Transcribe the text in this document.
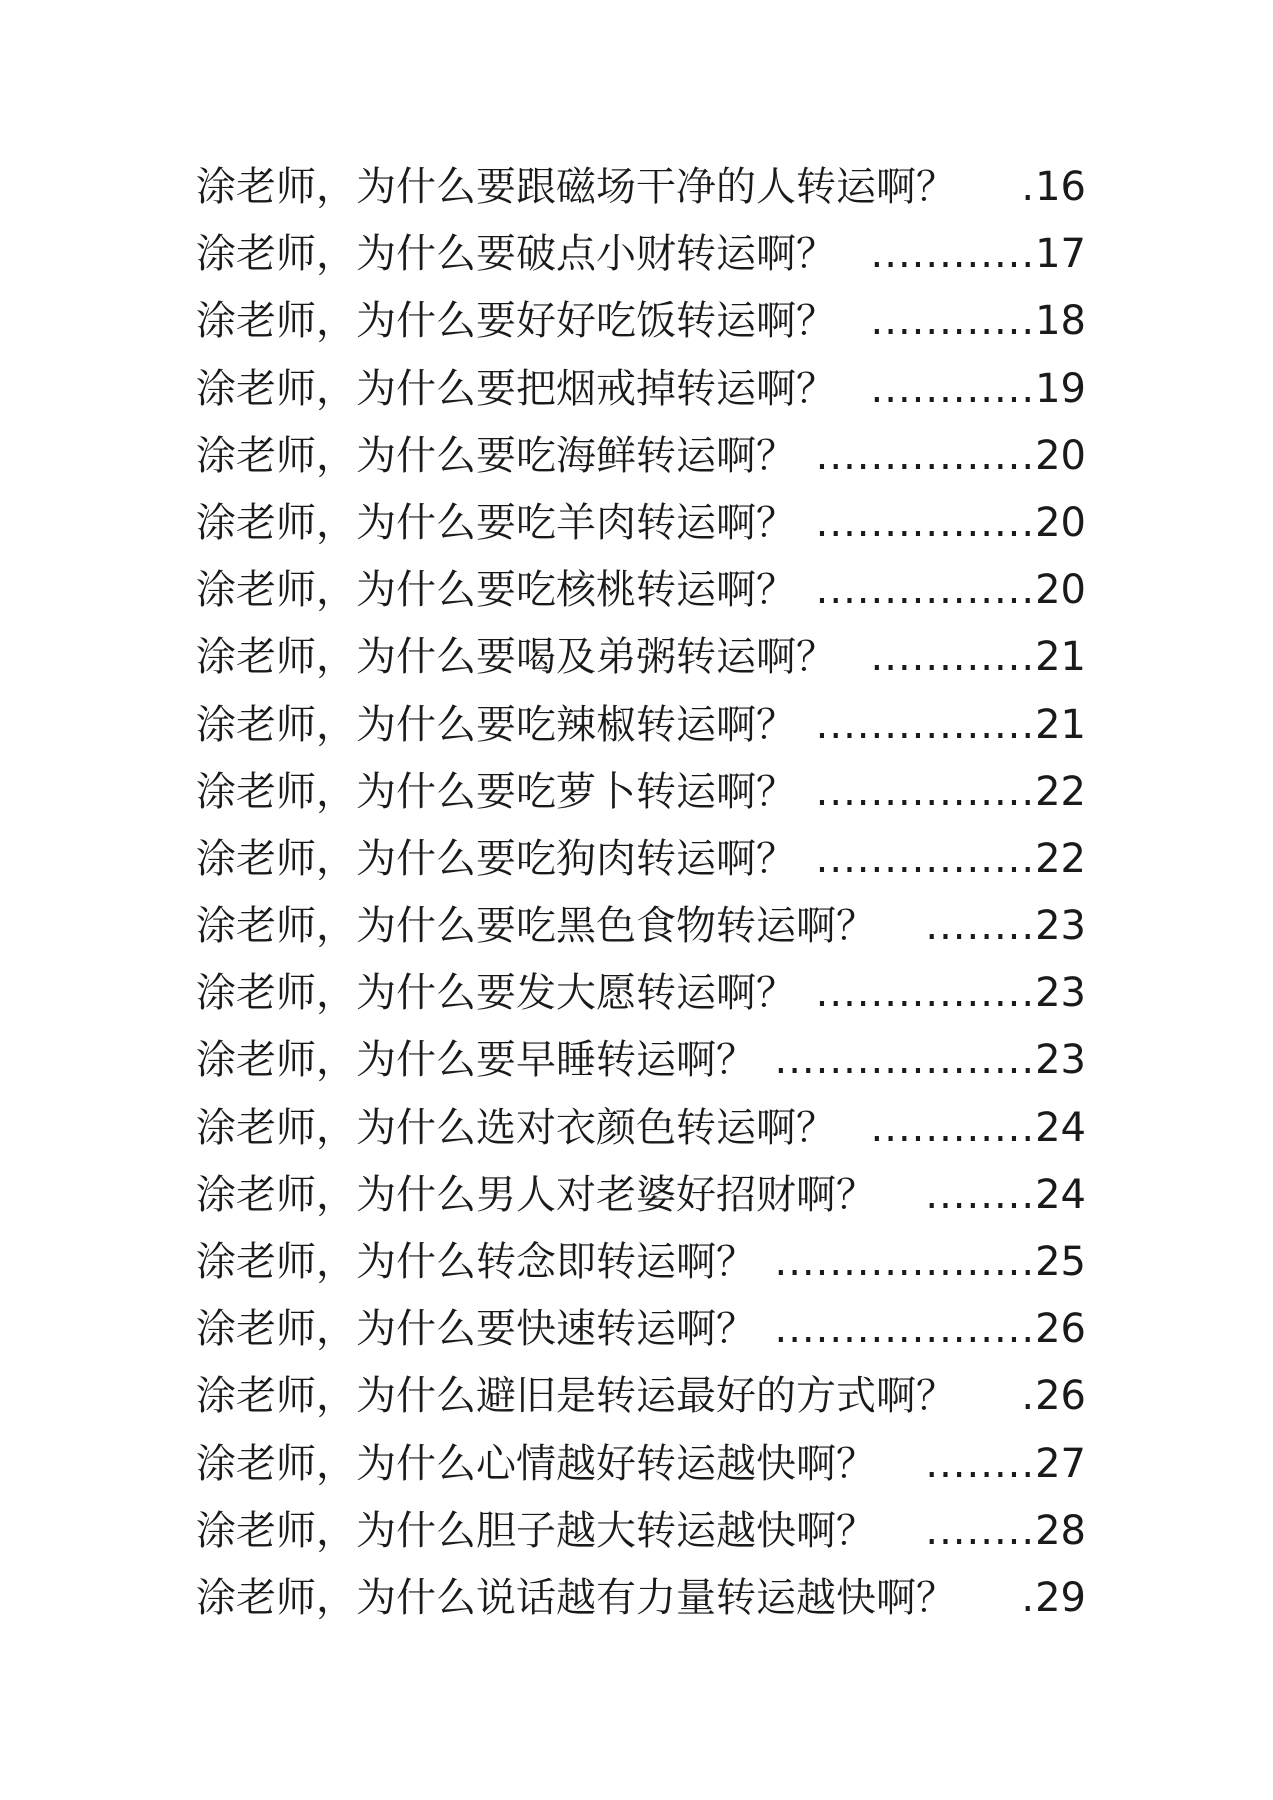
涂老师，为什么要跟磁场干净的人转运啊？	. 16
涂老师，为什么要破点小财转运啊？ ............ 17
涂老师，为什么要好好吃饭转运啊？ ............ 18
涂老师，为什么要把烟戒掉转运啊？ ............ 19
涂老师，为什么要吃海鲜转运啊？ ................ 20
涂老师，为什么要吃羊肉转运啊？ ................ 20
涂老师，为什么要吃核桃转运啊？ ................ 20
涂老师，为什么要喝及弟粥转运啊？ ............ 21
涂老师，为什么要吃辣椒转运啊？ ................ 21
涂老师，为什么要吃萝卜转运啊？ ................ 22
涂老师，为什么要吃狗肉转运啊？ ................ 22
涂老师，为什么要吃黑色食物转运啊？	........ 23
涂老师，为什么要发大愿转运啊？ ................ 23
涂老师，为什么要早睡转运啊？ ................... 23
涂老师，为什么选对衣颜色转运啊？ ............ 24
涂老师，为什么男人对老婆好招财啊？	........ 24
涂老师，为什么转念即转运啊？ ................... 25
涂老师，为什么要快速转运啊？ ................... 26
涂老师，为什么避旧是转运最好的方式啊？	. 26
涂老师，为什么心情越好转运越快啊？	........ 27
涂老师，为什么胆子越大转运越快啊？	........ 28
涂老师，为什么说话越有力量转运越快啊？	. 29
